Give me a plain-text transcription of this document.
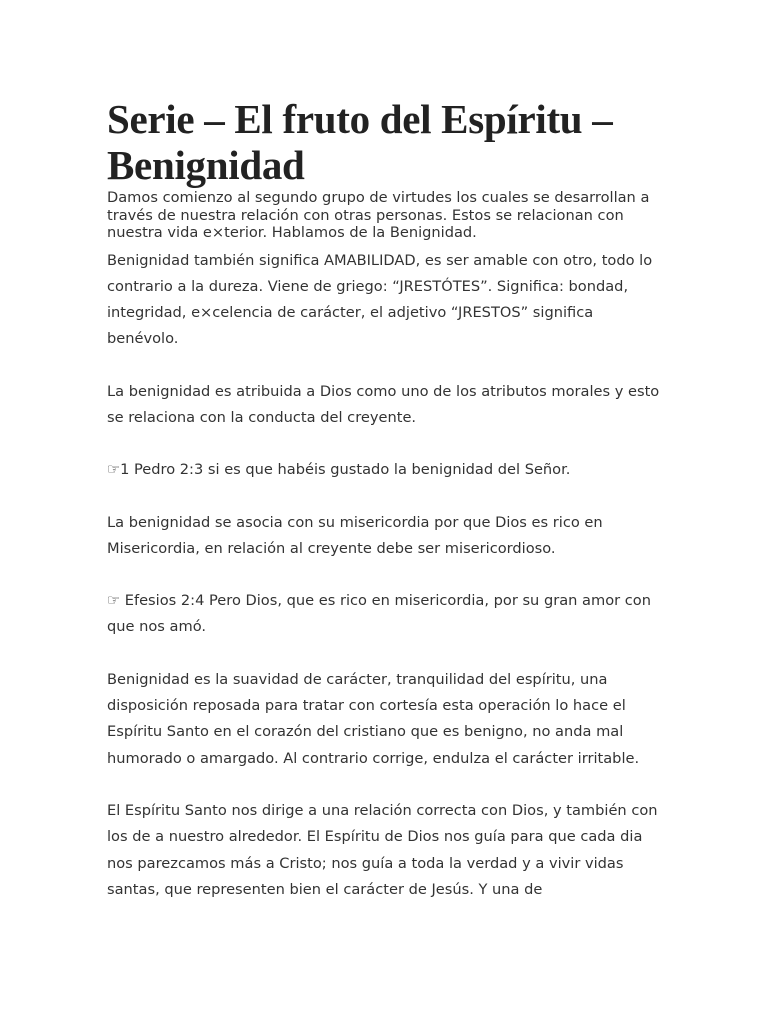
Serie – El fruto del Espíritu – Benignidad

Damos comienzo al segundo grupo de virtudes los cuales se desarrollan a través de nuestra relación con otras personas. Estos se relacionan con nuestra vida e×terior. Hablamos de la Benignidad.

Benignidad también significa AMABILIDAD, es ser amable con otro, todo lo contrario a la dureza. Viene de griego: “JRESTÓTES”. Significa: bondad, integridad, e×celencia de carácter, el adjetivo “JRESTOS” significa benévolo.

La benignidad es atribuida a Dios como uno de los atributos morales y esto se relaciona con la conducta del creyente.

☞1 Pedro 2:3 si es que habéis gustado la benignidad del Señor.

La benignidad se asocia con su misericordia por que Dios es rico en Misericordia, en relación al creyente debe ser misericordioso.

☞ Efesios 2:4 Pero Dios, que es rico en misericordia, por su gran amor con que nos amó.

Benignidad es la suavidad de carácter, tranquilidad del espíritu, una disposición reposada para tratar con cortesía esta operación lo hace el Espíritu Santo en el corazón del cristiano que es benigno, no anda mal humorado o amargado. Al contrario corrige, endulza el carácter irritable.

El Espíritu Santo nos dirige a una relación correcta con Dios, y también con los de a nuestro alrededor. El Espíritu de Dios nos guía para que cada dia nos parezcamos más a Cristo; nos guía a toda la verdad y a vivir vidas santas, que representen bien el carácter de Jesús. Y una de
